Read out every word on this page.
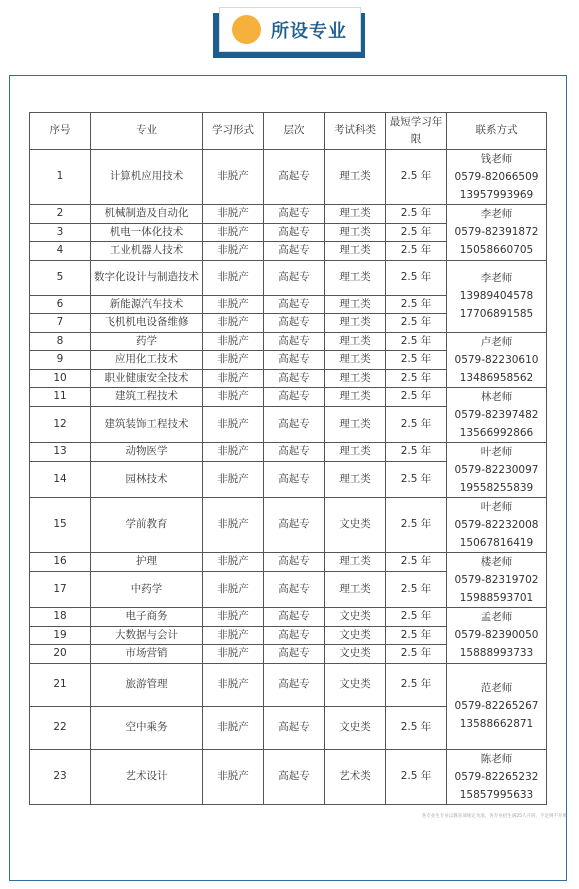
所设专业
序号	专业	学习形式	层次	考试科类	最短学习年限	联系方式
1	计算机应用技术	非脱产	高起专	理工类	2.5 年	钱老师
0579-82066509
13957993969

2	机械制造及自动化	非脱产	高起专	理工类	2.5 年	李老师
0579-82391872
15058660705

3	机电一体化技术	非脱产	高起专	理工类	2.5 年	
4	工业机器人技术	非脱产	高起专	理工类	2.5 年	
5	数字化设计与制造技术	非脱产	高起专	理工类	2.5 年	李老师
13989404578
17706891585

6	新能源汽车技术	非脱产	高起专	理工类	2.5 年	
7	飞机机电设备维修	非脱产	高起专	理工类	2.5 年	
8	药学	非脱产	高起专	理工类	2.5 年	卢老师
0579-82230610
13486958562

9	应用化工技术	非脱产	高起专	理工类	2.5 年	
10	职业健康安全技术	非脱产	高起专	理工类	2.5 年	
11	建筑工程技术	非脱产	高起专	理工类	2.5 年	林老师
0579-82397482
13566992866

12	建筑装饰工程技术	非脱产	高起专	理工类	2.5 年	
13	动物医学	非脱产	高起专	理工类	2.5 年	叶老师
0579-82230097
19558255839

14	园林技术	非脱产	高起专	理工类	2.5 年	
15	学前教育	非脱产	高起专	文史类	2.5 年	叶老师
0579-82232008
15067816419

16	护理	非脱产	高起专	理工类	2.5 年	楼老师
0579-82319702
15988593701

17	中药学	非脱产	高起专	理工类	2.5 年	
18	电子商务	非脱产	高起专	文史类	2.5 年	孟老师
0579-82390050
15888993733

19	大数据与会计	非脱产	高起专	文史类	2.5 年	
20	市场营销	非脱产	高起专	文史类	2.5 年	
21	旅游管理	非脱产	高起专	文史类	2.5 年	范老师
0579-82265267
13588662871

22	空中乘务	非脱产	高起专	文史类	2.5 年	
23	艺术设计	非脱产	高起专	艺术类	2.5 年	陈老师
0579-82265232
15857995633
各专业生专业以教育部规定为准，各专业招生满25人开班，不足则不开班
